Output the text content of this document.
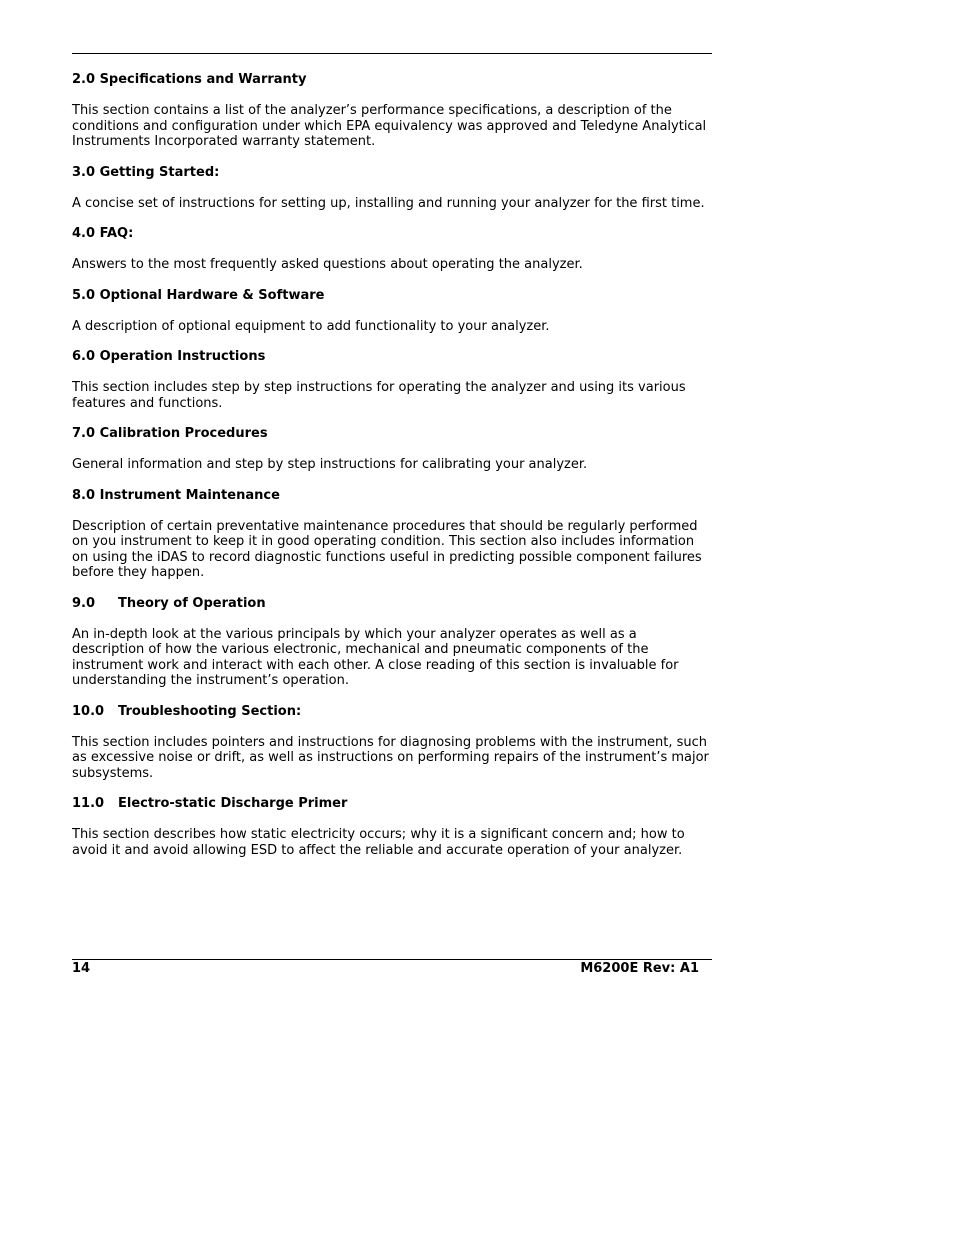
2.0 Specifications and Warranty
This section contains a list of the analyzer’s performance specifications, a description of the conditions and configuration under which EPA equivalency was approved and Teledyne Analytical Instruments Incorporated warranty statement.
3.0 Getting Started:
A concise set of instructions for setting up, installing and running your analyzer for the first time.
4.0 FAQ:
Answers to the most frequently asked questions about operating the analyzer.
5.0 Optional Hardware & Software
A description of optional equipment to add functionality to your analyzer.
6.0 Operation Instructions
This section includes step by step instructions for operating the analyzer and using its various features and functions.
7.0 Calibration Procedures
General information and step by step instructions for calibrating your analyzer.
8.0 Instrument Maintenance
Description of certain preventative maintenance procedures that should be regularly performed on you instrument to keep it in good operating condition. This section also includes information on using the iDAS to record diagnostic functions useful in predicting possible component failures before they happen.
9.0 Theory of Operation
An in-depth look at the various principals by which your analyzer operates as well as a description of how the various electronic, mechanical and pneumatic components of the instrument work and interact with each other. A close reading of this section is invaluable for understanding the instrument’s operation.
10.0 Troubleshooting Section:
This section includes pointers and instructions for diagnosing problems with the instrument, such as excessive noise or drift, as well as instructions on performing repairs of the instrument’s major subsystems.
11.0 Electro-static Discharge Primer
This section describes how static electricity occurs; why it is a significant concern and; how to avoid it and avoid allowing ESD to affect the reliable and accurate operation of your analyzer.
14	M6200E Rev: A1
